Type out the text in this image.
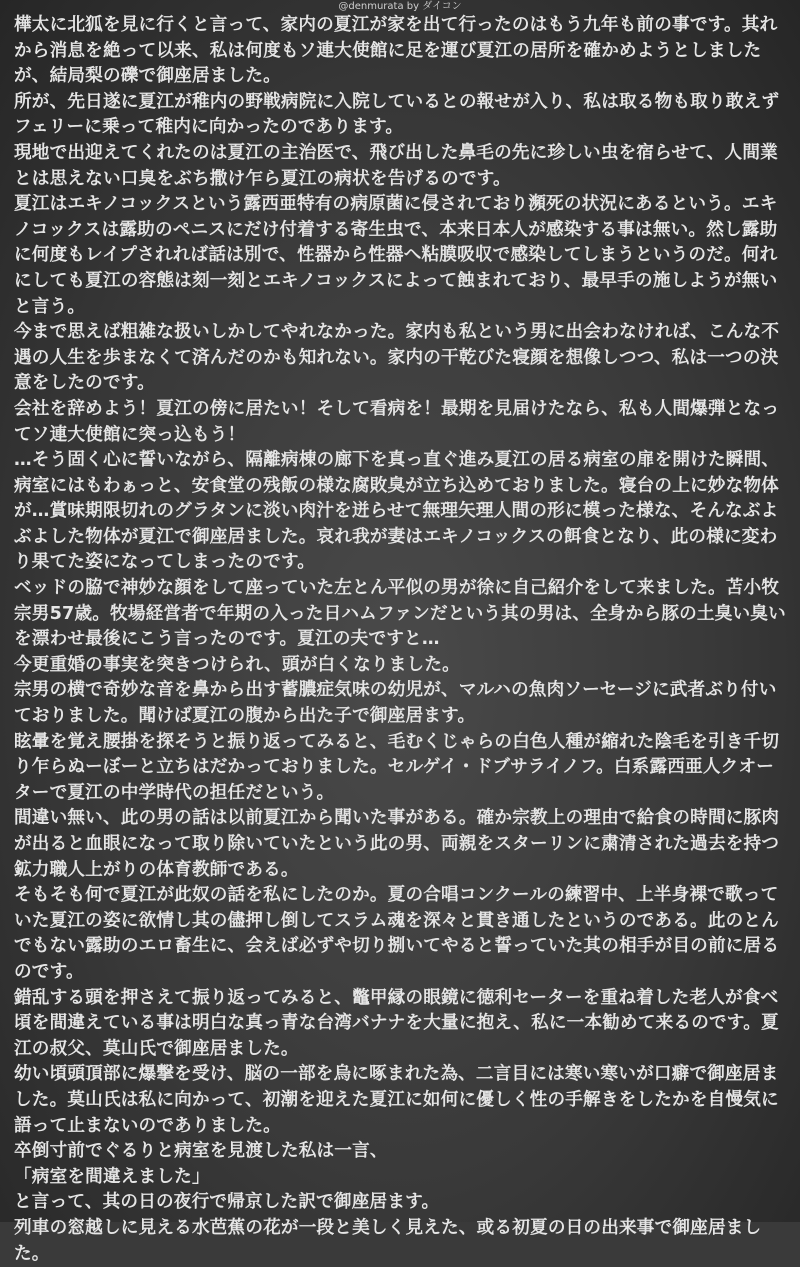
@denmurata by ダイコン

樺太に北狐を見に行くと言って、家内の夏江が家を出て行ったのはもう九年も前の事です。其れから消息を絶って以来、私は何度もソ連大使館に足を運び夏江の居所を確かめようとしましたが、結局梨の礫で御座居ました。

所が、先日遂に夏江が稚内の野戦病院に入院しているとの報せが入り、私は取る物も取り敢えずフェリーに乗って稚内に向かったのであります。

現地で出迎えてくれたのは夏江の主治医で、飛び出した鼻毛の先に珍しい虫を宿らせて、人間業とは思えない口臭をぶち撒け乍ら夏江の病状を告げるのです。

夏江はエキノコックスという露西亜特有の病原菌に侵されており瀕死の状況にあるという。エキノコックスは露助のペニスにだけ付着する寄生虫で、本来日本人が感染する事は無い。然し露助に何度もレイプされれば話は別で、性器から性器へ粘膜吸収で感染してしまうというのだ。何れにしても夏江の容態は刻一刻とエキノコックスによって蝕まれており、最早手の施しようが無いと言う。

今まで思えば粗雑な扱いしかしてやれなかった。家内も私という男に出会わなければ、こんな不遇の人生を歩まなくて済んだのかも知れない。家内の干乾びた寝顔を想像しつつ、私は一つの決意をしたのです。

会社を辞めよう！夏江の傍に居たい！そして看病を！最期を見届けたなら、私も人間爆弾となってソ連大使館に突っ込もう！

…そう固く心に誓いながら、隔離病棟の廊下を真っ直ぐ進み夏江の居る病室の扉を開けた瞬間、

病室にはもわぁっと、安食堂の残飯の様な腐敗臭が立ち込めておりました。寝台の上に妙な物体が…賞味期限切れのグラタンに淡い肉汁を迸らせて無理矢理人間の形に模った様な、そんなぶよぶよした物体が夏江で御座居ました。哀れ我が妻はエキノコックスの餌食となり、此の様に変わり果てた姿になってしまったのです。

ベッドの脇で神妙な顔をして座っていた左とん平似の男が徐に自己紹介をして来ました。苫小牧宗男57歳。牧場経営者で年期の入った日ハムファンだという其の男は、全身から豚の土臭い臭いを漂わせ最後にこう言ったのです。夏江の夫ですと…

今更重婚の事実を突きつけられ、頭が白くなりました。

宗男の横で奇妙な音を鼻から出す蓄膿症気味の幼児が、マルハの魚肉ソーセージに武者ぶり付いておりました。聞けば夏江の腹から出た子で御座居ます。

眩暈を覚え腰掛を探そうと振り返ってみると、毛むくじゃらの白色人種が縮れた陰毛を引き千切り乍らぬーぼーと立ちはだかっておりました。セルゲイ・ドブサライノフ。白系露西亜人クオーターで夏江の中学時代の担任だという。

間違い無い、此の男の話は以前夏江から聞いた事がある。確か宗教上の理由で給食の時間に豚肉が出ると血眼になって取り除いていたという此の男、両親をスターリンに粛清された過去を持つ鉱力職人上がりの体育教師である。

そもそも何で夏江が此奴の話を私にしたのか。夏の合唱コンクールの練習中、上半身裸で歌っていた夏江の姿に欲情し其の儘押し倒してスラム魂を深々と貫き通したというのである。此のとんでもない露助のエロ畜生に、会えば必ずや切り捌いてやると誓っていた其の相手が目の前に居るのです。

錯乱する頭を押さえて振り返ってみると、鼈甲縁の眼鏡に徳利セーターを重ね着した老人が食べ頃を間違えている事は明白な真っ青な台湾バナナを大量に抱え、私に一本勧めて来るのです。夏江の叔父、莫山氏で御座居ました。

幼い頃頭頂部に爆撃を受け、脳の一部を烏に啄まれた為、二言目には寒い寒いが口癖で御座居ました。莫山氏は私に向かって、初潮を迎えた夏江に如何に優しく性の手解きをしたかを自慢気に語って止まないのでありました。

卒倒寸前でぐるりと病室を見渡した私は一言、

「病室を間違えました」

と言って、其の日の夜行で帰京した訳で御座居ます。

列車の窓越しに見える水芭蕉の花が一段と美しく見えた、或る初夏の日の出来事で御座居ました。
